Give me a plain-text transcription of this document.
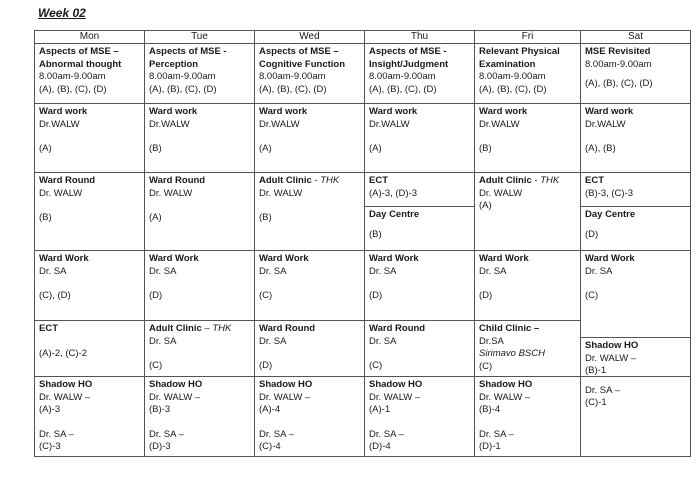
Week 02
Mon	Tue	Wed	Thu	Fri	Sat

Aspects of MSE –
Abnormal thought
8.00am-9.00am
(A), (B), (C), (D)	Aspects of MSE -
Perception
8.00am-9.00am
(A), (B), (C), (D)	Aspects of MSE –
Cognitive Function
8.00am-9.00am
(A), (B), (C), (D)	Aspects of MSE -
Insight/Judgment
8.00am-9.00am
(A), (B), (C), (D)	Relevant Physical
Examination
8.00am-9.00am
(A), (B), (C), (D)	MSE Revisited
8.00am-9.00am
(A), (B), (C), (D)

Ward work
Dr.WALW
(A)	Ward work
Dr.WALW
(B)	Ward work
Dr.WALW
(A)	Ward work
Dr.WALW
(A)	Ward work
Dr.WALW
(B)	Ward work
Dr.WALW
(A), (B)

Ward Round
Dr. WALW
(B)	Ward Round
Dr. WALW
(A)	Adult Clinic - THK
Dr. WALW
(B)	ECT
(A)-3, (D)-3
Day Centre
(B)	Adult Clinic - THK
Dr. WALW
(A)	ECT
(B)-3, (C)-3
Day Centre
(D)

Ward Work
Dr. SA
(C), (D)	Ward Work
Dr. SA
(D)	Ward Work
Dr. SA
(C)	Ward Work
Dr. SA
(D)	Ward Work
Dr. SA
(D)	Ward Work
Dr. SA
(C)

ECT
(A)-2, (C)-2	Adult Clinic – THK
Dr. SA
(C)	Ward Round
Dr. SA
(D)	Ward Round
Dr. SA
(C)	Child Clinic –
Dr.SA
Sirimavo BSCH
(C)	

Shadow HO
Dr. WALW –
(A)-3
Dr. SA –
(C)-3	Shadow HO
Dr. WALW –
(B)-3
Dr. SA –
(D)-3	Shadow HO
Dr. WALW –
(A)-4
Dr. SA –
(C)-4	Shadow HO
Dr. WALW –
(A)-1
Dr. SA –
(D)-4	Shadow HO
Dr. WALW –
(B)-4
Dr. SA –
(D)-1	Shadow HO
Dr. WALW –
(B)-1
Dr. SA –
(C)-1
